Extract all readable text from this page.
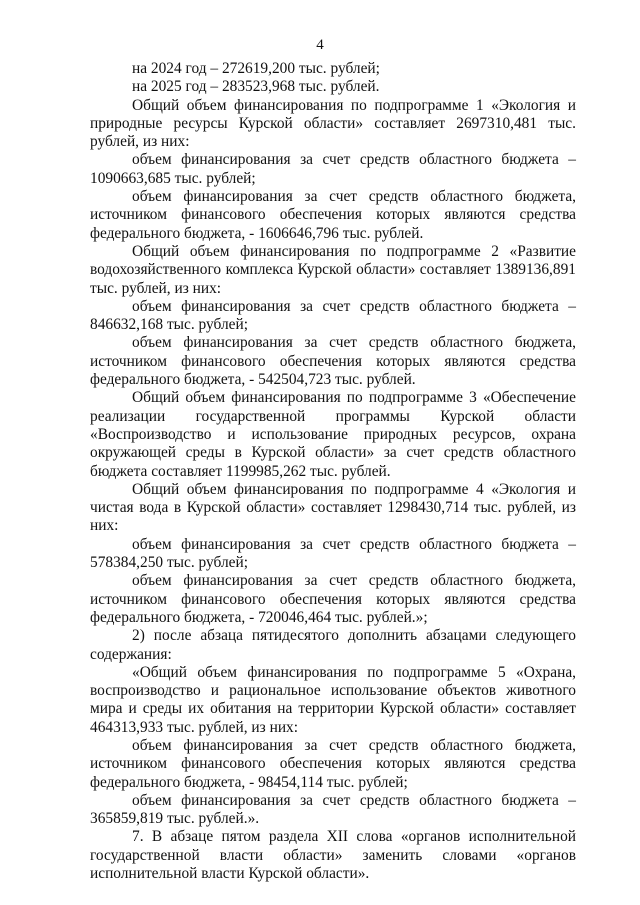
4

на 2024 год – 272619,200 тыс. рублей;

на 2025 год – 283523,968 тыс. рублей.

Общий объем финансирования по подпрограмме 1 «Экология и природные ресурсы Курской области» составляет 2697310,481 тыс. рублей, из них:

объем финансирования за счет средств областного бюджета – 1090663,685 тыс. рублей;

объем финансирования за счет средств областного бюджета, источником финансового обеспечения которых являются средства федерального бюджета, - 1606646,796 тыс. рублей.

Общий объем финансирования по подпрограмме 2 «Развитие водохозяйственного комплекса Курской области» составляет 1389136,891 тыс. рублей, из них:

объем финансирования за счет средств областного бюджета – 846632,168 тыс. рублей;

объем финансирования за счет средств областного бюджета, источником финансового обеспечения которых являются средства федерального бюджета, - 542504,723 тыс. рублей.

Общий объем финансирования по подпрограмме 3 «Обеспечение реализации государственной программы Курской области «Воспроизводство и использование природных ресурсов, охрана окружающей среды в Курской области» за счет средств областного бюджета составляет 1199985,262 тыс. рублей.

Общий объем финансирования по подпрограмме 4 «Экология и чистая вода в Курской области» составляет 1298430,714 тыс. рублей, из них:

объем финансирования за счет средств областного бюджета – 578384,250 тыс. рублей;

объем финансирования за счет средств областного бюджета, источником финансового обеспечения которых являются средства федерального бюджета, - 720046,464 тыс. рублей.»;

2) после абзаца пятидесятого дополнить абзацами следующего содержания:

«Общий объем финансирования по подпрограмме 5 «Охрана, воспроизводство и рациональное использование объектов животного мира и среды их обитания на территории Курской области» составляет 464313,933 тыс. рублей, из них:

объем финансирования за счет средств областного бюджета, источником финансового обеспечения которых являются средства федерального бюджета, - 98454,114 тыс. рублей;

объем финансирования за счет средств областного бюджета – 365859,819 тыс. рублей.».

7. В абзаце пятом раздела XII слова «органов исполнительной государственной власти области» заменить словами «органов исполнительной власти Курской области».
